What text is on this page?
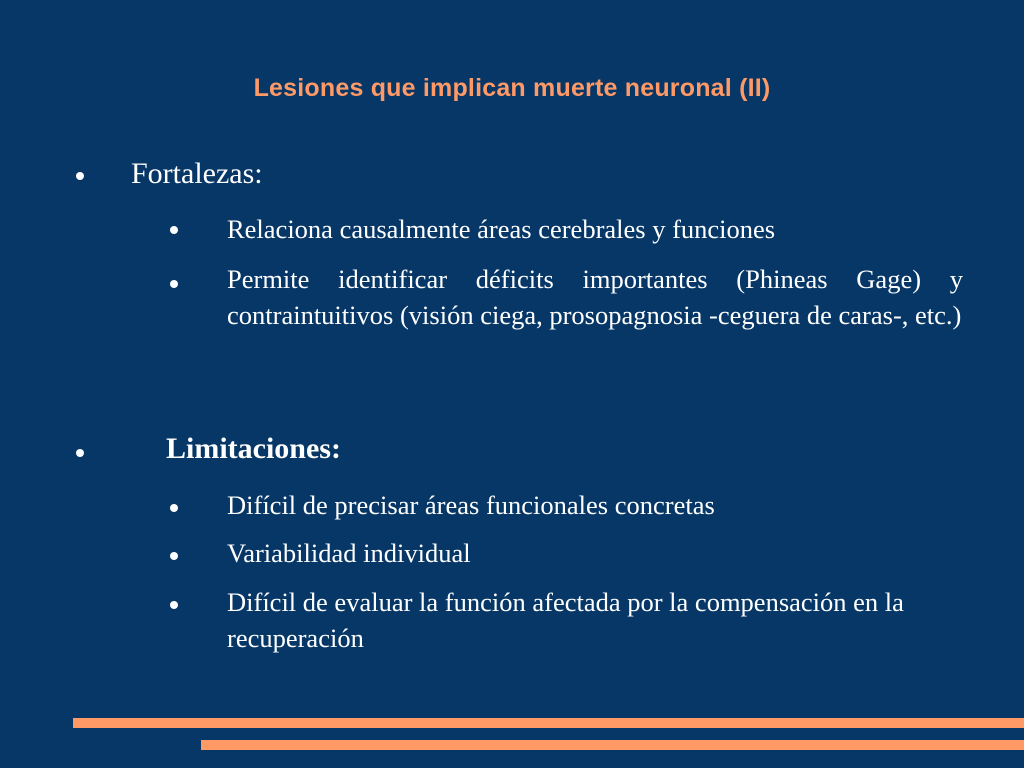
Lesiones que implican muerte neuronal (II)
Fortalezas:
Relaciona causalmente áreas cerebrales y funciones
Permite identificar déficits importantes (Phineas Gage) y contraintuitivos (visión ciega, prosopagnosia -ceguera de caras-, etc.)
Limitaciones:
Difícil de precisar áreas funcionales concretas
Variabilidad individual
Difícil de evaluar la función afectada por la compensación en la recuperación
